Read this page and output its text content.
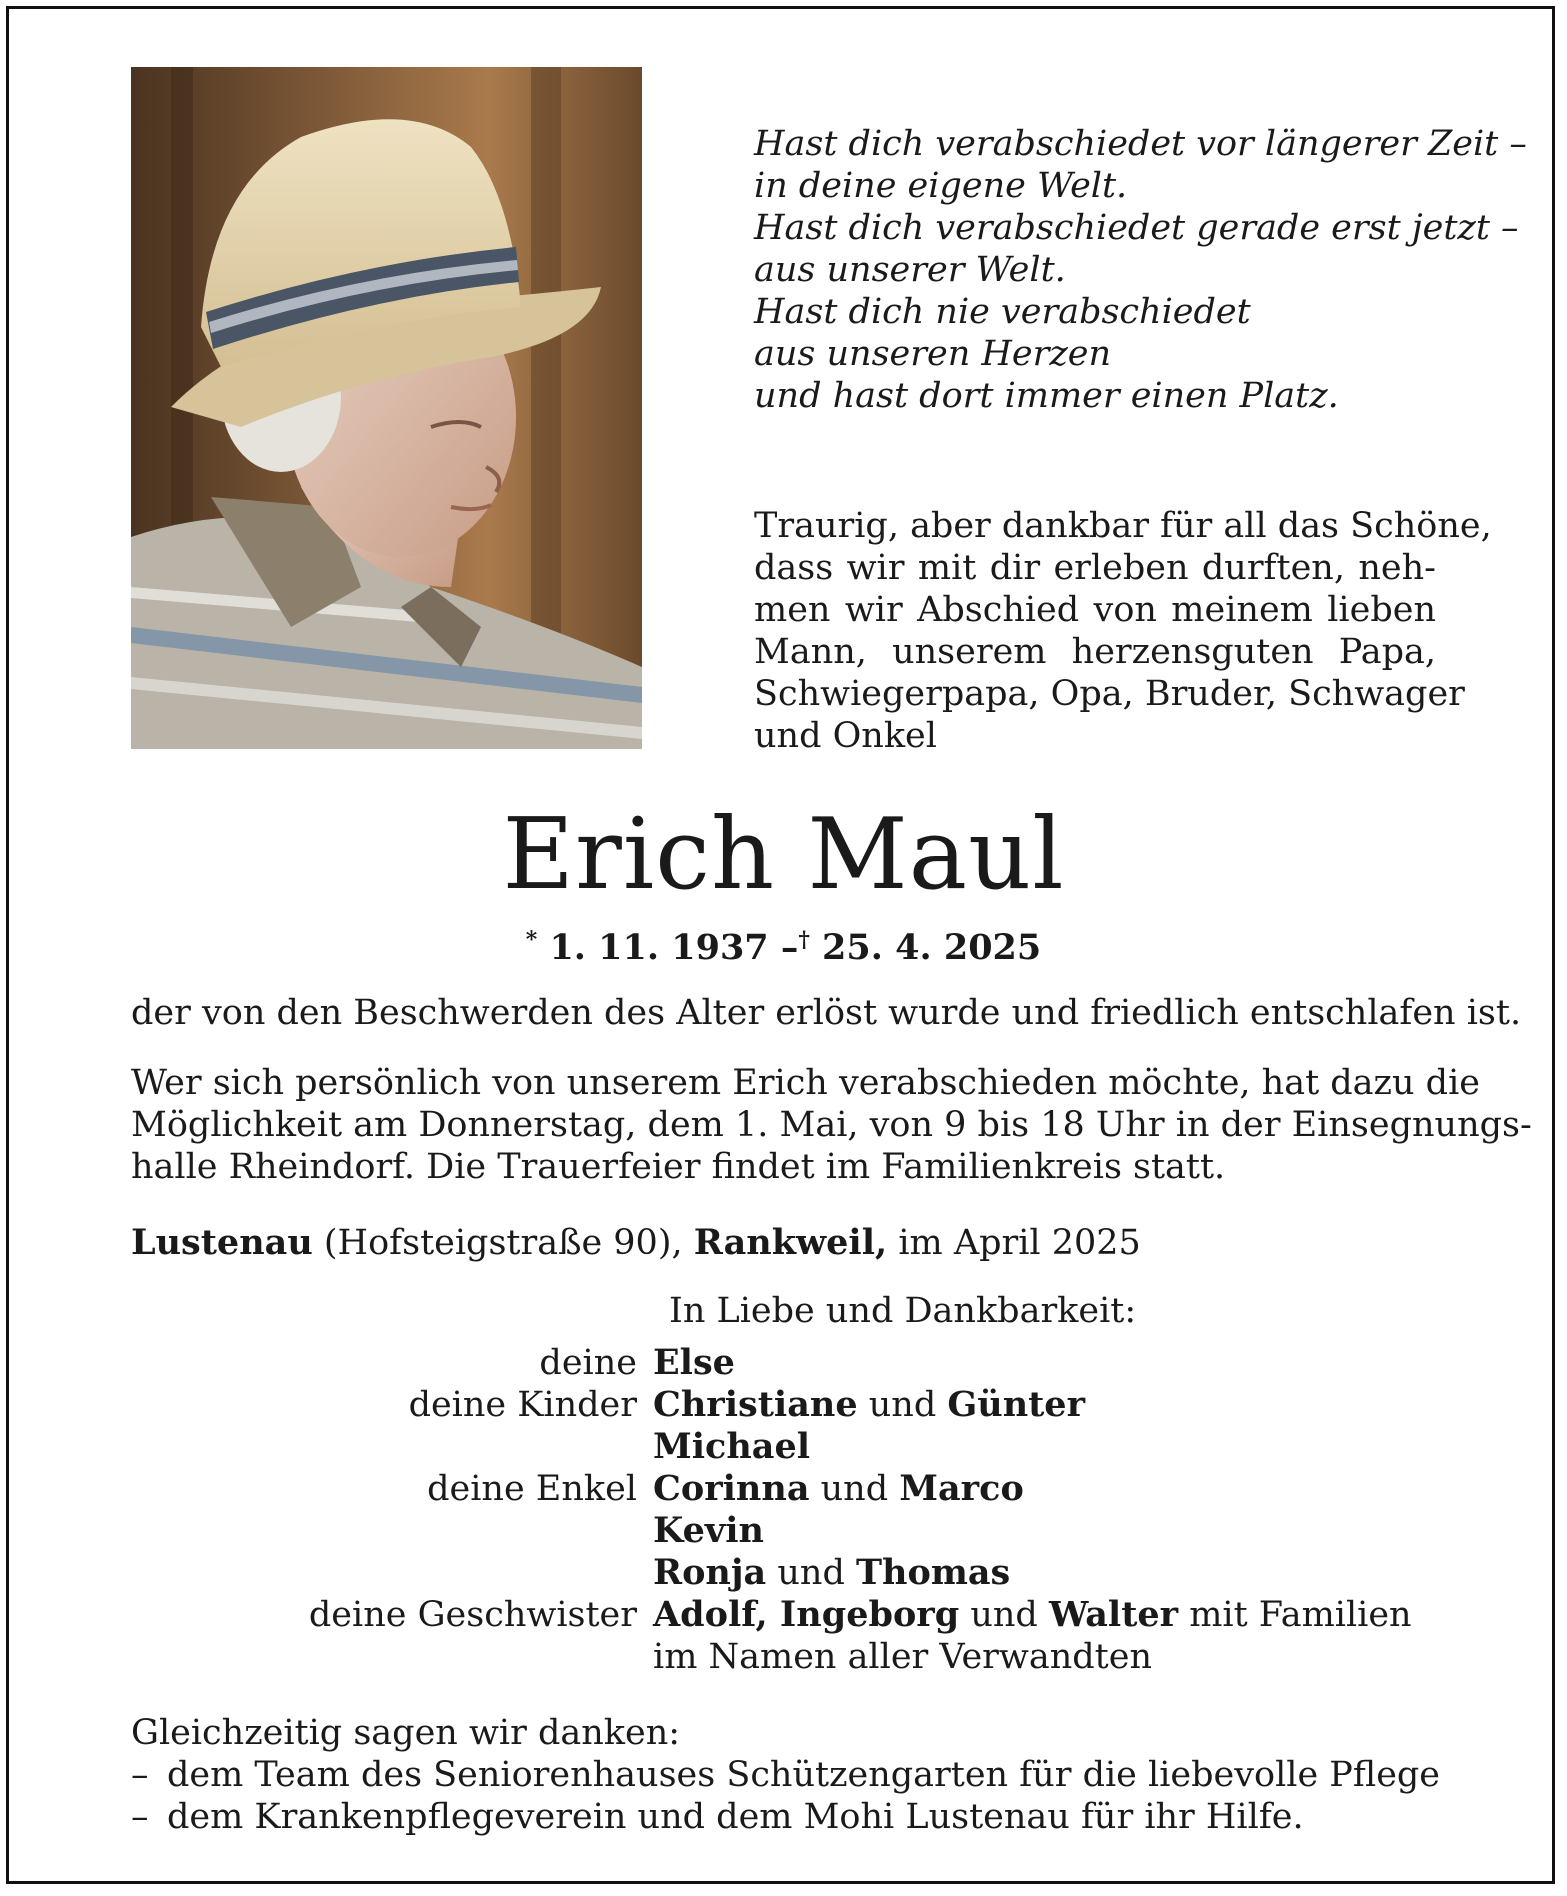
Hast dich verabschiedet vor längerer Zeit –
in deine eigene Welt.
Hast dich verabschiedet gerade erst jetzt –
aus unserer Welt.
Hast dich nie verabschiedet
aus unseren Herzen
und hast dort immer einen Platz.
Traurig, aber dankbar für all das Schöne,
dass wir mit dir erleben durften, neh-
men wir Abschied von meinem lieben
Mann, unserem herzensguten Papa,
Schwiegerpapa, Opa, Bruder, Schwager
und Onkel
Erich Maul
* 1. 11. 1937 –† 25. 4. 2025
der von den Beschwerden des Alter erlöst wurde und friedlich entschlafen ist.
Wer sich persönlich von unserem Erich verabschieden möchte, hat dazu die
Möglichkeit am Donnerstag, dem 1. Mai, von 9 bis 18 Uhr in der Einsegnungs-
halle Rheindorf. Die Trauerfeier findet im Familienkreis statt.
Lustenau (Hofsteigstraße 90), Rankweil, im April 2025
In Liebe und Dankbarkeit:
deine Else
deine Kinder Christiane und Günter
Michael
deine Enkel Corinna und Marco
Kevin
Ronja und Thomas
deine Geschwister Adolf, Ingeborg und Walter mit Familien
im Namen aller Verwandten
Gleichzeitig sagen wir danken:
– dem Team des Seniorenhauses Schützengarten für die liebevolle Pflege
– dem Krankenpflegeverein und dem Mohi Lustenau für ihr Hilfe.
